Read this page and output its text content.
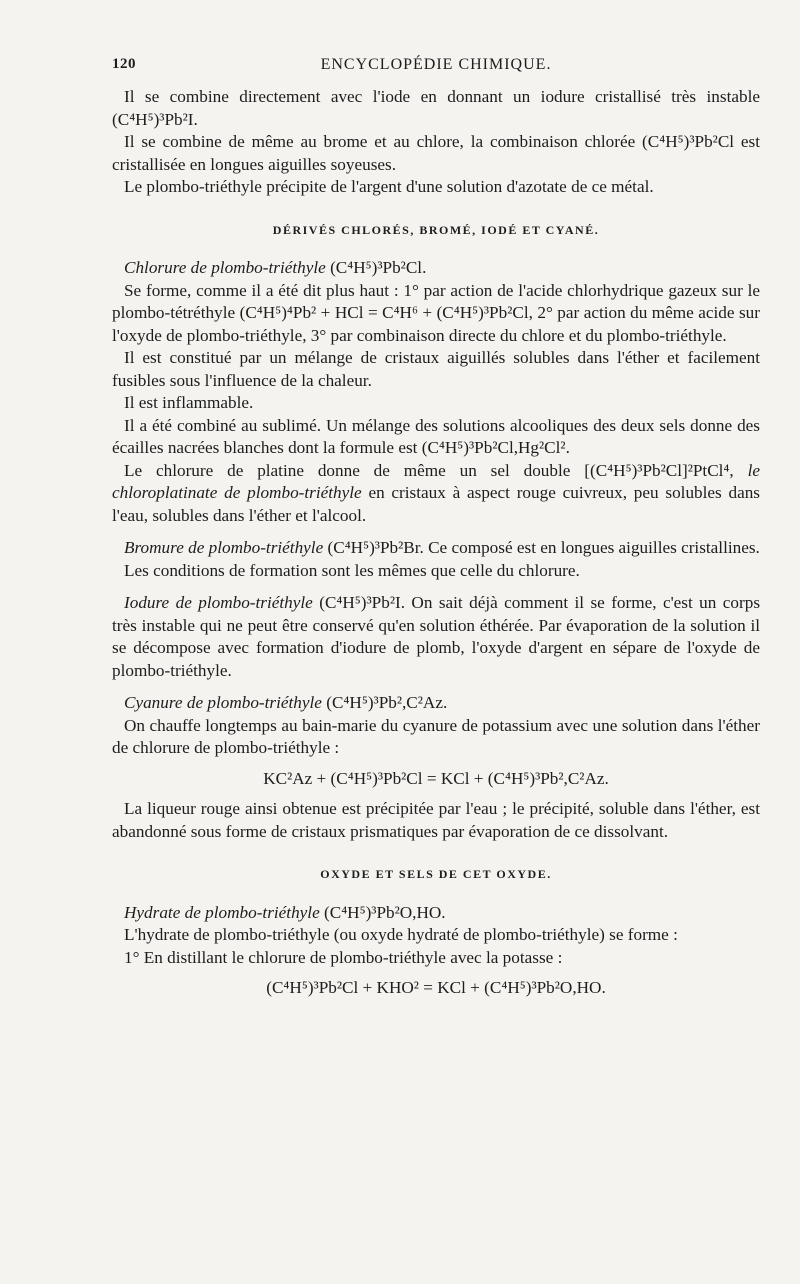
120	ENCYCLOPÉDIE CHIMIQUE.

Il se combine directement avec l'iode en donnant un iodure cristallisé très instable (C⁴H⁵)³Pb²I.

Il se combine de même au brome et au chlore, la combinaison chlorée (C⁴H⁵)³Pb²Cl est cristallisée en longues aiguilles soyeuses.

Le plombo-triéthyle précipite de l'argent d'une solution d'azotate de ce métal.

DÉRIVÉS CHLORÉS, BROMÉ, IODÉ ET CYANÉ.

Chlorure de plombo-triéthyle (C⁴H⁵)³Pb²Cl.

Se forme, comme il a été dit plus haut : 1° par action de l'acide chlorhydrique gazeux sur le plombo-tétréthyle (C⁴H⁵)⁴Pb² + HCl = C⁴H⁶ + (C⁴H⁵)³Pb²Cl, 2° par action du même acide sur l'oxyde de plombo-triéthyle, 3° par combinaison directe du chlore et du plombo-triéthyle.

Il est constitué par un mélange de cristaux aiguillés solubles dans l'éther et facilement fusibles sous l'influence de la chaleur.

Il est inflammable.

Il a été combiné au sublimé. Un mélange des solutions alcooliques des deux sels donne des écailles nacrées blanches dont la formule est (C⁴H⁵)³Pb²Cl,Hg²Cl².

Le chlorure de platine donne de même un sel double [(C⁴H⁵)³Pb²Cl]²PtCl⁴, le chloroplatinate de plombo-triéthyle en cristaux à aspect rouge cuivreux, peu solubles dans l'eau, solubles dans l'éther et l'alcool.

Bromure de plombo-triéthyle (C⁴H⁵)³Pb²Br. Ce composé est en longues aiguilles cristallines.

Les conditions de formation sont les mêmes que celle du chlorure.

Iodure de plombo-triéthyle (C⁴H⁵)³Pb²I. On sait déjà comment il se forme, c'est un corps très instable qui ne peut être conservé qu'en solution éthérée. Par évaporation de la solution il se décompose avec formation d'iodure de plomb, l'oxyde d'argent en sépare de l'oxyde de plombo-triéthyle.

Cyanure de plombo-triéthyle (C⁴H⁵)³Pb²,C²Az.

On chauffe longtemps au bain-marie du cyanure de potassium avec une solution dans l'éther de chlorure de plombo-triéthyle :

KC²Az + (C⁴H⁵)³Pb²Cl = KCl + (C⁴H⁵)³Pb²,C²Az.

La liqueur rouge ainsi obtenue est précipitée par l'eau ; le précipité, soluble dans l'éther, est abandonné sous forme de cristaux prismatiques par évaporation de ce dissolvant.

OXYDE ET SELS DE CET OXYDE.

Hydrate de plombo-triéthyle (C⁴H⁵)³Pb²O,HO.

L'hydrate de plombo-triéthyle (ou oxyde hydraté de plombo-triéthyle) se forme :

1° En distillant le chlorure de plombo-triéthyle avec la potasse :

(C⁴H⁵)³Pb²Cl + KHO² = KCl + (C⁴H⁵)³Pb²O,HO.
